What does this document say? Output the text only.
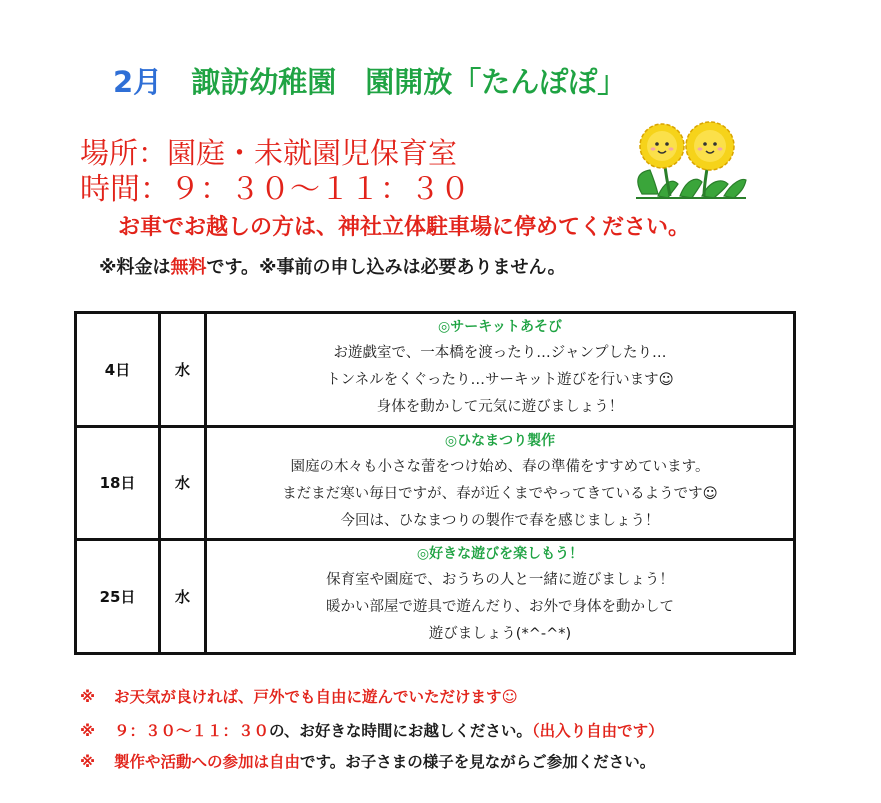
2月　諏訪幼稚園　園開放「たんぽぽ」
場所：園庭・未就園児保育室
時間：９：３０～１１：３０
お車でお越しの方は、神社立体駐車場に停めてください。
※料金は無料です。※事前の申し込みは必要ありません。
4日	水	◎サーキットあそび
お遊戯室で、一本橋を渡ったり…ジャンプしたり…
トンネルをくぐったり…サーキット遊びを行います☺
身体を動かして元気に遊びましょう！

18日	水	◎ひなまつり製作
園庭の木々も小さな蕾をつけ始め、春の準備をすすめています。
まだまだ寒い毎日ですが、春が近くまでやってきているようです☺
今回は、ひなまつりの製作で春を感じましょう！

25日	水	◎好きな遊びを楽しもう！
保育室や園庭で、おうちの人と一緒に遊びましょう！
暖かい部屋で遊具で遊んだり、お外で身体を動かして
遊びましょう(*^-^*)
※ お天気が良ければ、戸外でも自由に遊んでいただけます☺
※ ９：３０～１１：３０の、お好きな時間にお越しください。（出入り自由です）
※ 製作や活動への参加は自由です。お子さまの様子を見ながらご参加ください。
